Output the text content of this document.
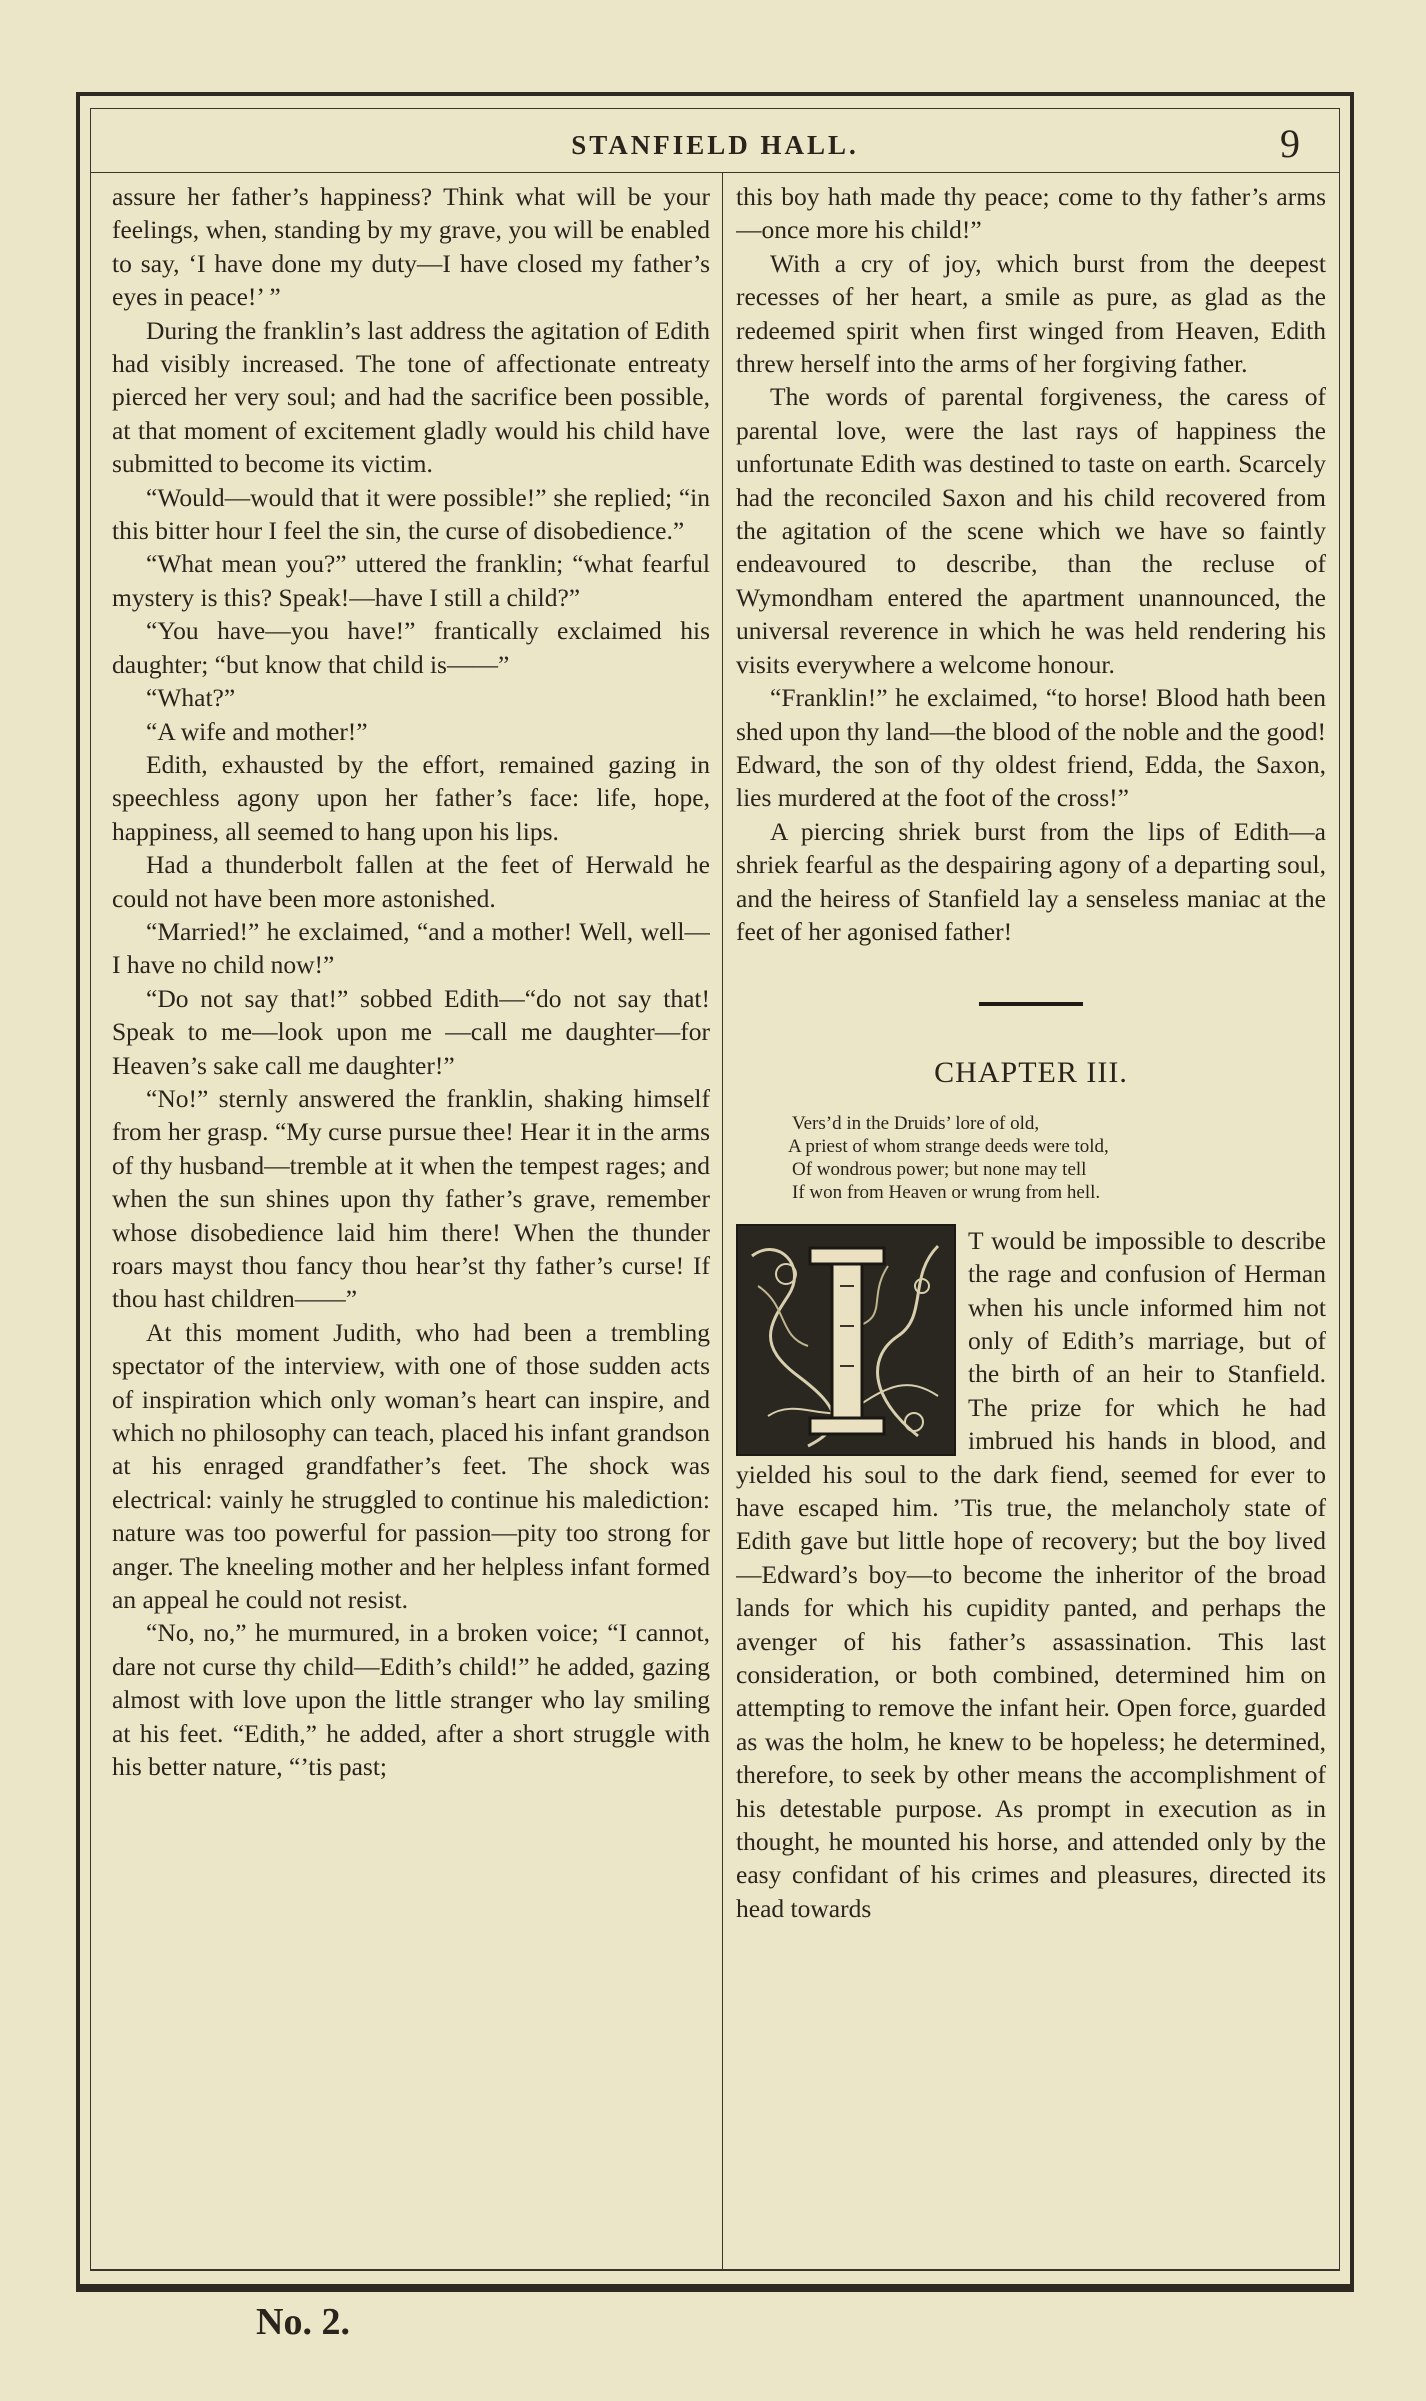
STANFIELD HALL.	9

assure her father’s happiness? Think what will be your feelings, when, standing by my grave, you will be enabled to say, ‘I have done my duty—I have closed my father’s eyes in peace!’ ”

During the franklin’s last address the agitation of Edith had visibly increased. The tone of affectionate entreaty pierced her very soul; and had the sacrifice been possible, at that moment of excitement gladly would his child have submitted to become its victim.

“Would—would that it were possible!” she replied; “in this bitter hour I feel the sin, the curse of disobedience.”

“What mean you?” uttered the franklin; “what fearful mystery is this? Speak!—have I still a child?”

“You have—you have!” frantically exclaimed his daughter; “but know that child is——”

“What?”

“A wife and mother!”

Edith, exhausted by the effort, remained gazing in speechless agony upon her father’s face: life, hope, happiness, all seemed to hang upon his lips.

Had a thunderbolt fallen at the feet of Herwald he could not have been more astonished.

“Married!” he exclaimed, “and a mother! Well, well—I have no child now!”

“Do not say that!” sobbed Edith—“do not say that! Speak to me—look upon me —call me daughter—for Heaven’s sake call me daughter!”

“No!” sternly answered the franklin, shaking himself from her grasp. “My curse pursue thee! Hear it in the arms of thy husband—tremble at it when the tempest rages; and when the sun shines upon thy father’s grave, remember whose disobedience laid him there! When the thunder roars mayst thou fancy thou hear’st thy father’s curse! If thou hast children——”

At this moment Judith, who had been a trembling spectator of the interview, with one of those sudden acts of inspiration which only woman’s heart can inspire, and which no philosophy can teach, placed his infant grandson at his enraged grandfather’s feet. The shock was electrical: vainly he struggled to continue his malediction: nature was too powerful for passion—pity too strong for anger. The kneeling mother and her helpless infant formed an appeal he could not resist.

“No, no,” he murmured, in a broken voice; “I cannot, dare not curse thy child—Edith’s child!” he added, gazing almost with love upon the little stranger who lay smiling at his feet. “Edith,” he added, after a short struggle with his better nature, “’tis past;

this boy hath made thy peace; come to thy father’s arms—once more his child!”

With a cry of joy, which burst from the deepest recesses of her heart, a smile as pure, as glad as the redeemed spirit when first winged from Heaven, Edith threw herself into the arms of her forgiving father.

The words of parental forgiveness, the caress of parental love, were the last rays of happiness the unfortunate Edith was destined to taste on earth. Scarcely had the reconciled Saxon and his child recovered from the agitation of the scene which we have so faintly endeavoured to describe, than the recluse of Wymondham entered the apartment unannounced, the universal reverence in which he was held rendering his visits everywhere a welcome honour.

“Franklin!” he exclaimed, “to horse! Blood hath been shed upon thy land—the blood of the noble and the good! Edward, the son of thy oldest friend, Edda, the Saxon, lies murdered at the foot of the cross!”

A piercing shriek burst from the lips of Edith—a shriek fearful as the despairing agony of a departing soul, and the heiress of Stanfield lay a senseless maniac at the feet of her agonised father!

CHAPTER III.
Vers’d in the Druids’ lore of old,
A priest of whom strange deeds were told,
Of wondrous power; but none may tell
If won from Heaven or wrung from hell.

T would be impossible to describe the rage and confusion of Herman when his uncle informed him not only of Edith’s marriage, but of the birth of an heir to Stanfield. The prize for which he had imbrued his hands in blood, and yielded his soul to the dark fiend, seemed for ever to have escaped him. ’Tis true, the melancholy state of Edith gave but little hope of recovery; but the boy lived—Edward’s boy—to become the inheritor of the broad lands for which his cupidity panted, and perhaps the avenger of his father’s assassination. This last consideration, or both combined, determined him on attempting to remove the infant heir. Open force, guarded as was the holm, he knew to be hopeless; he determined, therefore, to seek by other means the accomplishment of his detestable purpose. As prompt in execution as in thought, he mounted his horse, and attended only by the easy confidant of his crimes and pleasures, directed its head towards

No. 2.
